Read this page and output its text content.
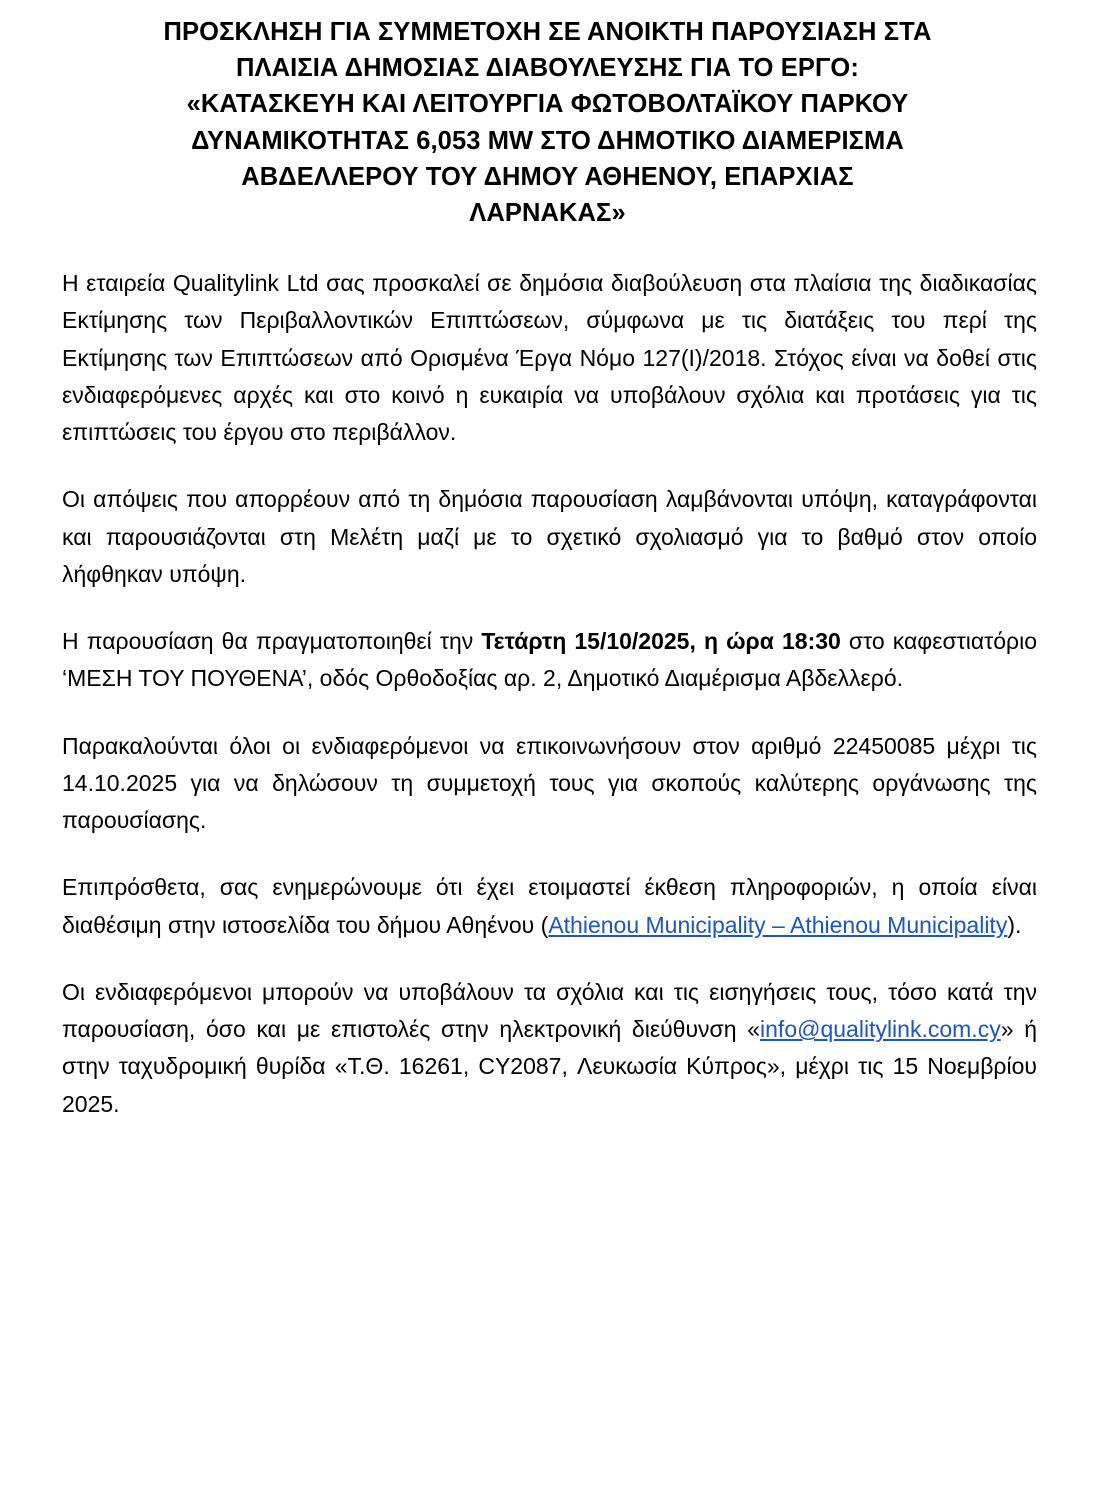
ΠΡΟΣΚΛΗΣΗ ΓΙΑ ΣΥΜΜΕΤΟΧΗ ΣΕ ΑΝΟΙΚΤΗ ΠΑΡΟΥΣΙΑΣΗ ΣΤΑ
ΠΛΑΙΣΙΑ ΔΗΜΟΣΙΑΣ ΔΙΑΒΟΥΛΕΥΣΗΣ ΓΙΑ ΤΟ ΕΡΓΟ:
«ΚΑΤΑΣΚΕΥΗ ΚΑΙ ΛΕΙΤΟΥΡΓΙΑ ΦΩΤΟΒΟΛΤΑΪΚΟΥ ΠΑΡΚΟΥ
ΔΥΝΑΜΙΚΟΤΗΤΑΣ 6,053 MW ΣΤΟ ΔΗΜΟΤΙΚΟ ΔΙΑΜΕΡΙΣΜΑ
ΑΒΔΕΛΛΕΡΟΥ ΤΟΥ ΔΗΜΟΥ ΑΘΗΕΝΟΥ, ΕΠΑΡΧΙΑΣ
ΛΑΡΝΑΚΑΣ»

Η εταιρεία Qualitylink Ltd σας προσκαλεί σε δημόσια διαβούλευση στα πλαίσια της διαδικασίας Εκτίμησης των Περιβαλλοντικών Επιπτώσεων, σύμφωνα με τις διατάξεις του περί της Εκτίμησης των Επιπτώσεων από Ορισμένα Έργα Νόμο 127(Ι)/2018. Στόχος είναι να δοθεί στις ενδιαφερόμενες αρχές και στο κοινό η ευκαιρία να υποβάλουν σχόλια και προτάσεις για τις επιπτώσεις του έργου στο περιβάλλον.

Οι απόψεις που απορρέουν από τη δημόσια παρουσίαση λαμβάνονται υπόψη, καταγράφονται και παρουσιάζονται στη Μελέτη μαζί με το σχετικό σχολιασμό για το βαθμό στον οποίο λήφθηκαν υπόψη.

Η παρουσίαση θα πραγματοποιηθεί την Τετάρτη 15/10/2025, η ώρα 18:30 στο καφεστιατόριο ‘ΜΕΣΗ ΤΟΥ ΠΟΥΘΕΝΑ’, οδός Ορθοδοξίας αρ. 2, Δημοτικό Διαμέρισμα Αβδελλερό.

Παρακαλούνται όλοι οι ενδιαφερόμενοι να επικοινωνήσουν στον αριθμό 22450085 μέχρι τις 14.10.2025 για να δηλώσουν τη συμμετοχή τους για σκοπούς καλύτερης οργάνωσης της παρουσίασης.

Επιπρόσθετα, σας ενημερώνουμε ότι έχει ετοιμαστεί έκθεση πληροφοριών, η οποία είναι διαθέσιμη στην ιστοσελίδα του δήμου Αθηένου (Athienou Municipality – Athienou Municipality).

Οι ενδιαφερόμενοι μπορούν να υποβάλουν τα σχόλια και τις εισηγήσεις τους, τόσο κατά την παρουσίαση, όσο και με επιστολές στην ηλεκτρονική διεύθυνση «info@qualitylink.com.cy» ή στην ταχυδρομική θυρίδα «Τ.Θ. 16261, CY2087, Λευκωσία Κύπρος», μέχρι τις 15 Νοεμβρίου 2025.
